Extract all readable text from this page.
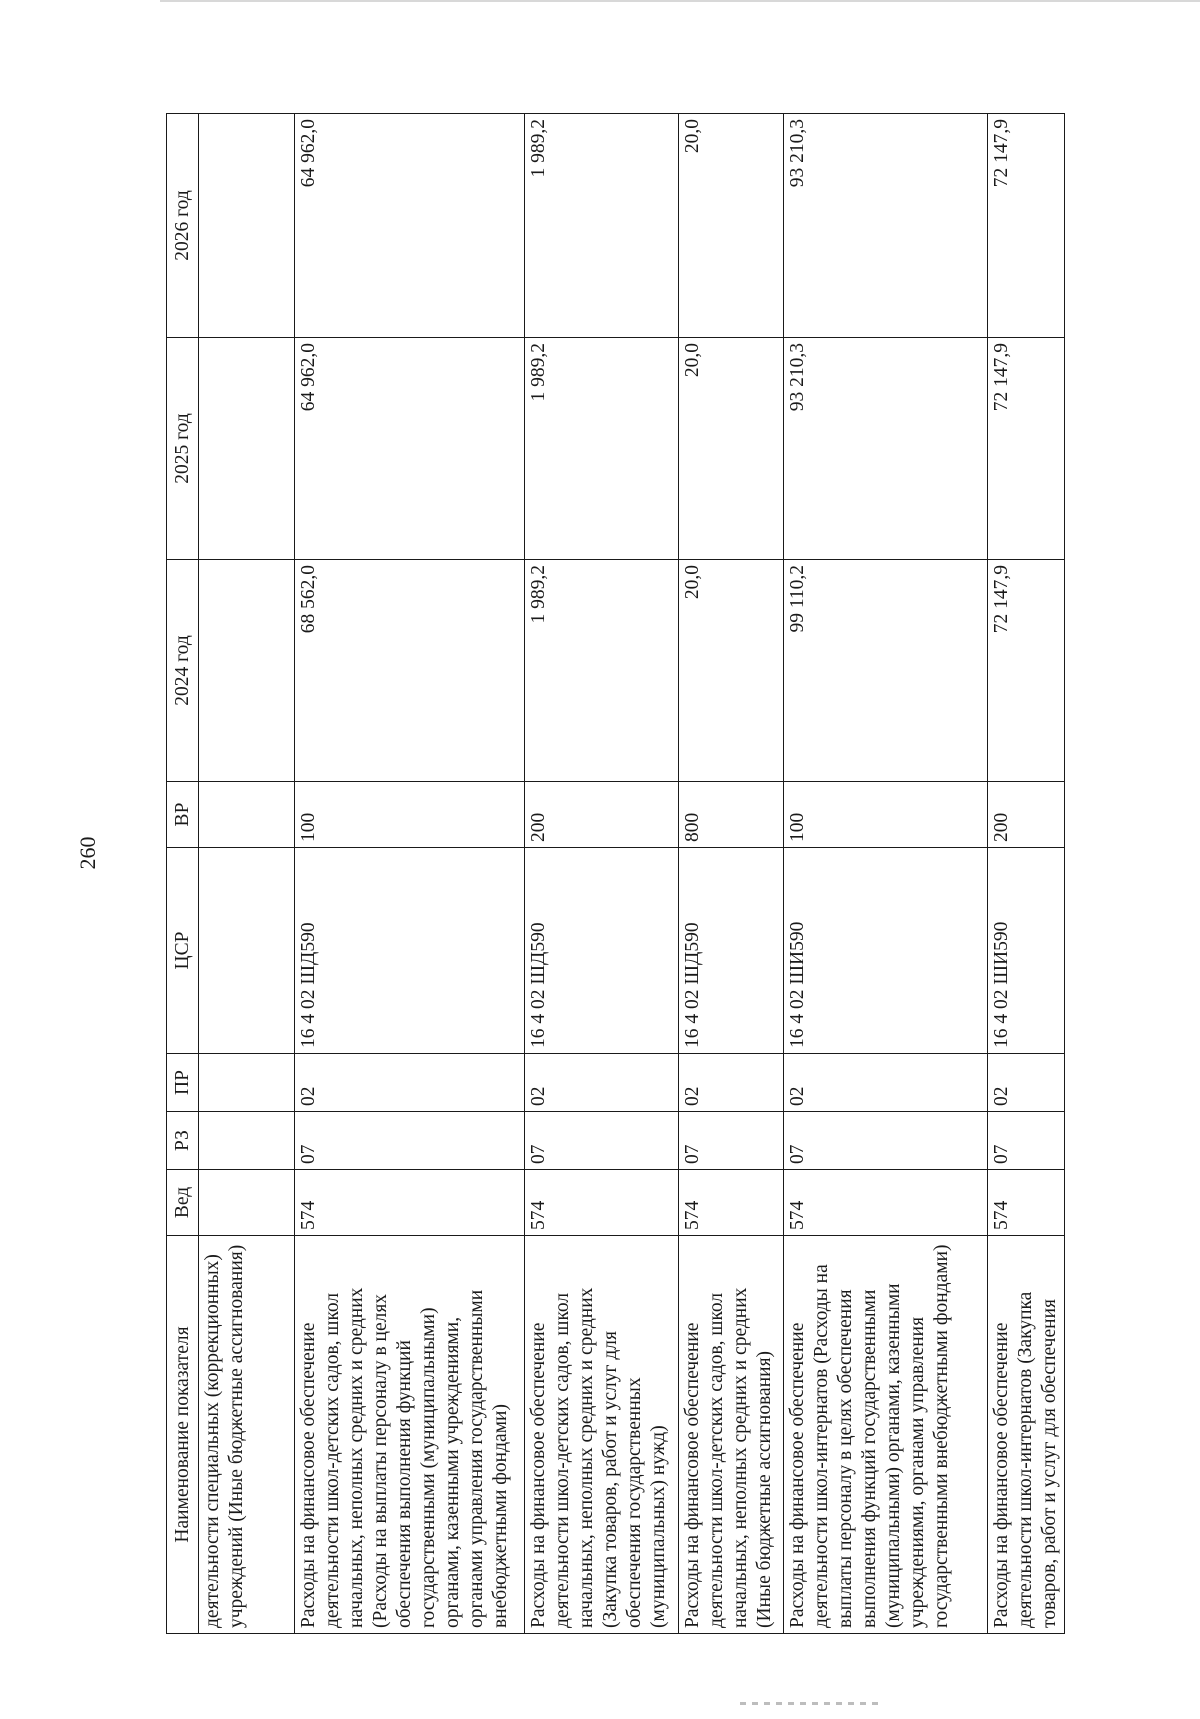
260
Наименование показателя	Вед	РЗ	ПР	ЦСР	ВР	2024 год	2025 год	2026 год
деятельности специальных (коррекционных) учреждений (Иные бюджетные ассигнования)								
Расходы на финансовое обеспечение деятельности школ-детских садов, школ начальных, неполных средних и средних (Расходы на выплаты персоналу в целях обеспечения выполнения функций государственными (муниципальными) органами, казенными учреждениями, органами управления государственными внебюджетными фондами)	574	07	02	16 4 02 ШД590	100	68 562,0	64 962,0	64 962,0
Расходы на финансовое обеспечение деятельности школ-детских садов, школ начальных, неполных средних и средних (Закупка товаров, работ и услуг для обеспечения государственных (муниципальных) нужд)	574	07	02	16 4 02 ШД590	200	1 989,2	1 989,2	1 989,2
Расходы на финансовое обеспечение деятельности школ-детских садов, школ начальных, неполных средних и средних (Иные бюджетные ассигнования)	574	07	02	16 4 02 ШД590	800	20,0	20,0	20,0
Расходы на финансовое обеспечение деятельности школ-интернатов (Расходы на выплаты персоналу в целях обеспечения выполнения функций государственными (муниципальными) органами, казенными учреждениями, органами управления государственными внебюджетными фондами)	574	07	02	16 4 02 ШИ590	100	99 110,2	93 210,3	93 210,3
Расходы на финансовое обеспечение деятельности школ-интернатов (Закупка товаров, работ и услуг для обеспечения	574	07	02	16 4 02 ШИ590	200	72 147,9	72 147,9	72 147,9
